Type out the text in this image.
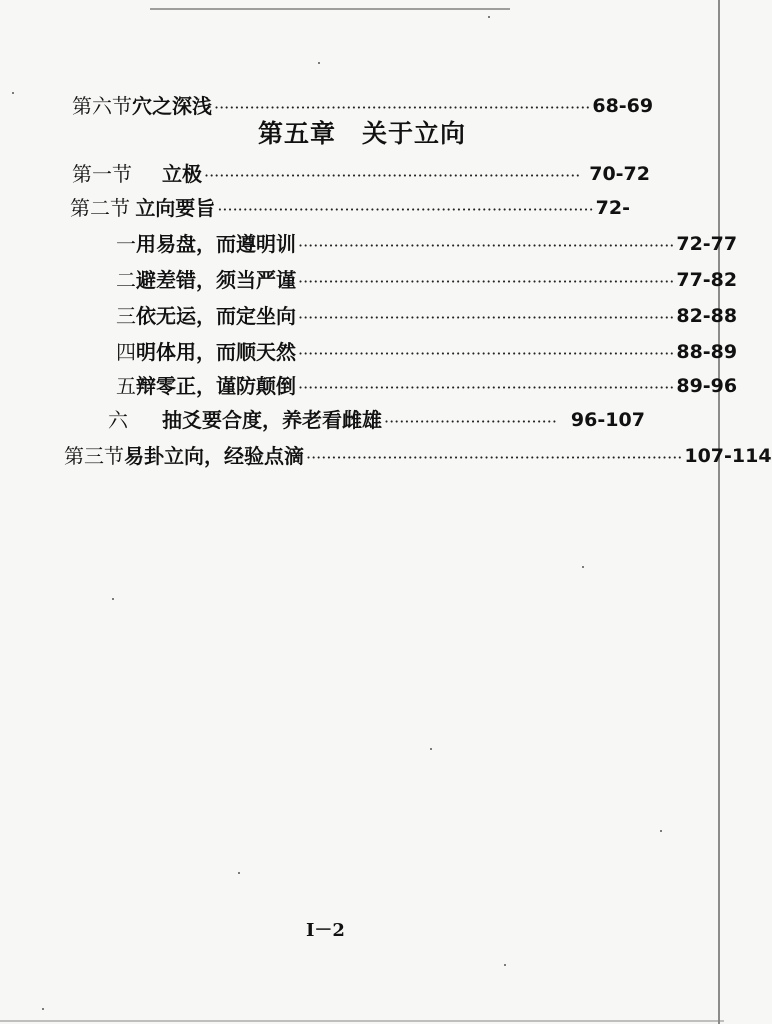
第六节 穴之深浅 ·········································································· 68-69
第五章　关于立向
第一节	立极 ·········································································· 70-72
第二节 立向要旨 ·········································································· 72-
一 用易盘，而遵明训 ·········································································· 72-77
二 避差错，须当严谨 ·········································································· 77-82
三 依无运，而定坐向 ·········································································· 82-88
四 明体用，而顺天然 ·········································································· 88-89
五 辩零正，谨防颠倒 ·········································································· 89-96
六	抽爻要合度，养老看雌雄 ·································· 96-107
第三节 易卦立向，经验点滴 ·········································································· 107-114
I－2
